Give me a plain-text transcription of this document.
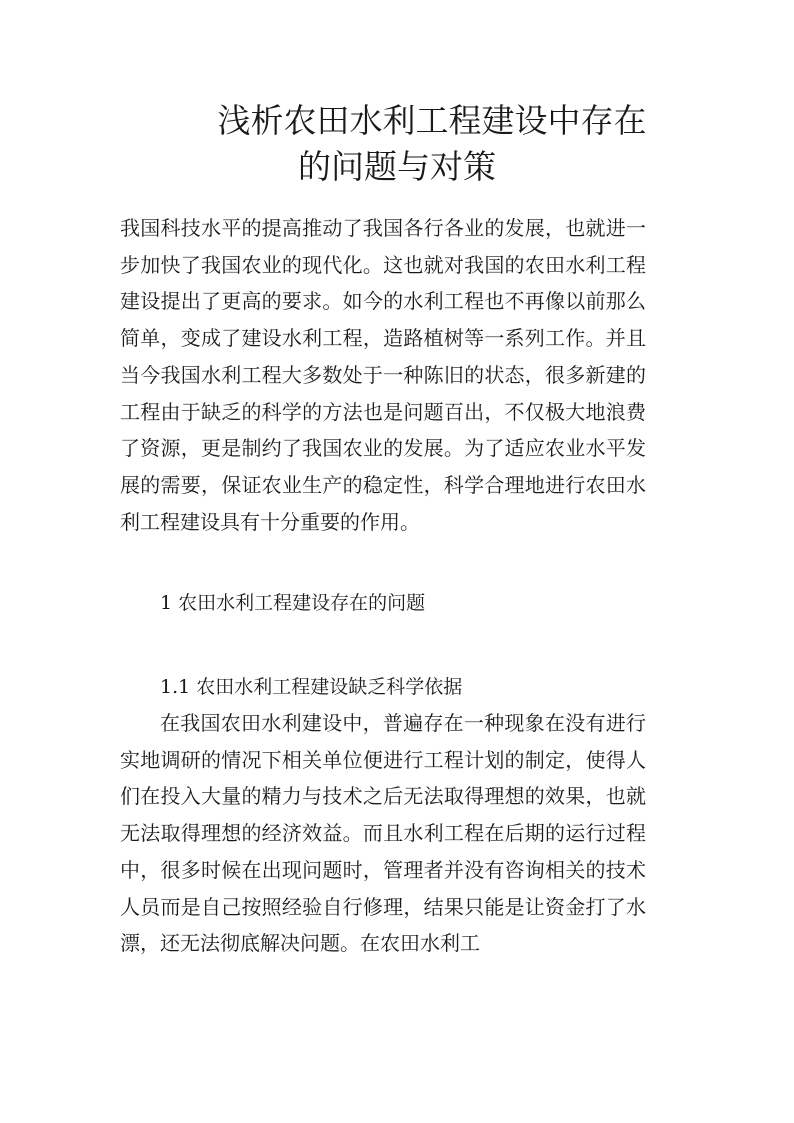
浅析农田水利工程建设中存在
的问题与对策

我国科技水平的提高推动了我国各行各业的发展，也就进一步加快了我国农业的现代化。这也就对我国的农田水利工程建设提出了更高的要求。如今的水利工程也不再像以前那么简单，变成了建设水利工程，造路植树等一系列工作。并且当今我国水利工程大多数处于一种陈旧的状态，很多新建的工程由于缺乏的科学的方法也是问题百出，不仅极大地浪费了资源，更是制约了我国农业的发展。为了适应农业水平发展的需要，保证农业生产的稳定性，科学合理地进行农田水利工程建设具有十分重要的作用。

1 农田水利工程建设存在的问题
1.1 农田水利工程建设缺乏科学依据

在我国农田水利建设中，普遍存在一种现象在没有进行实地调研的情况下相关单位便进行工程计划的制定，使得人们在投入大量的精力与技术之后无法取得理想的效果，也就无法取得理想的经济效益。而且水利工程在后期的运行过程中，很多时候在出现问题时，管理者并没有咨询相关的技术人员而是自己按照经验自行修理，结果只能是让资金打了水漂，还无法彻底解决问题。在农田水利工
